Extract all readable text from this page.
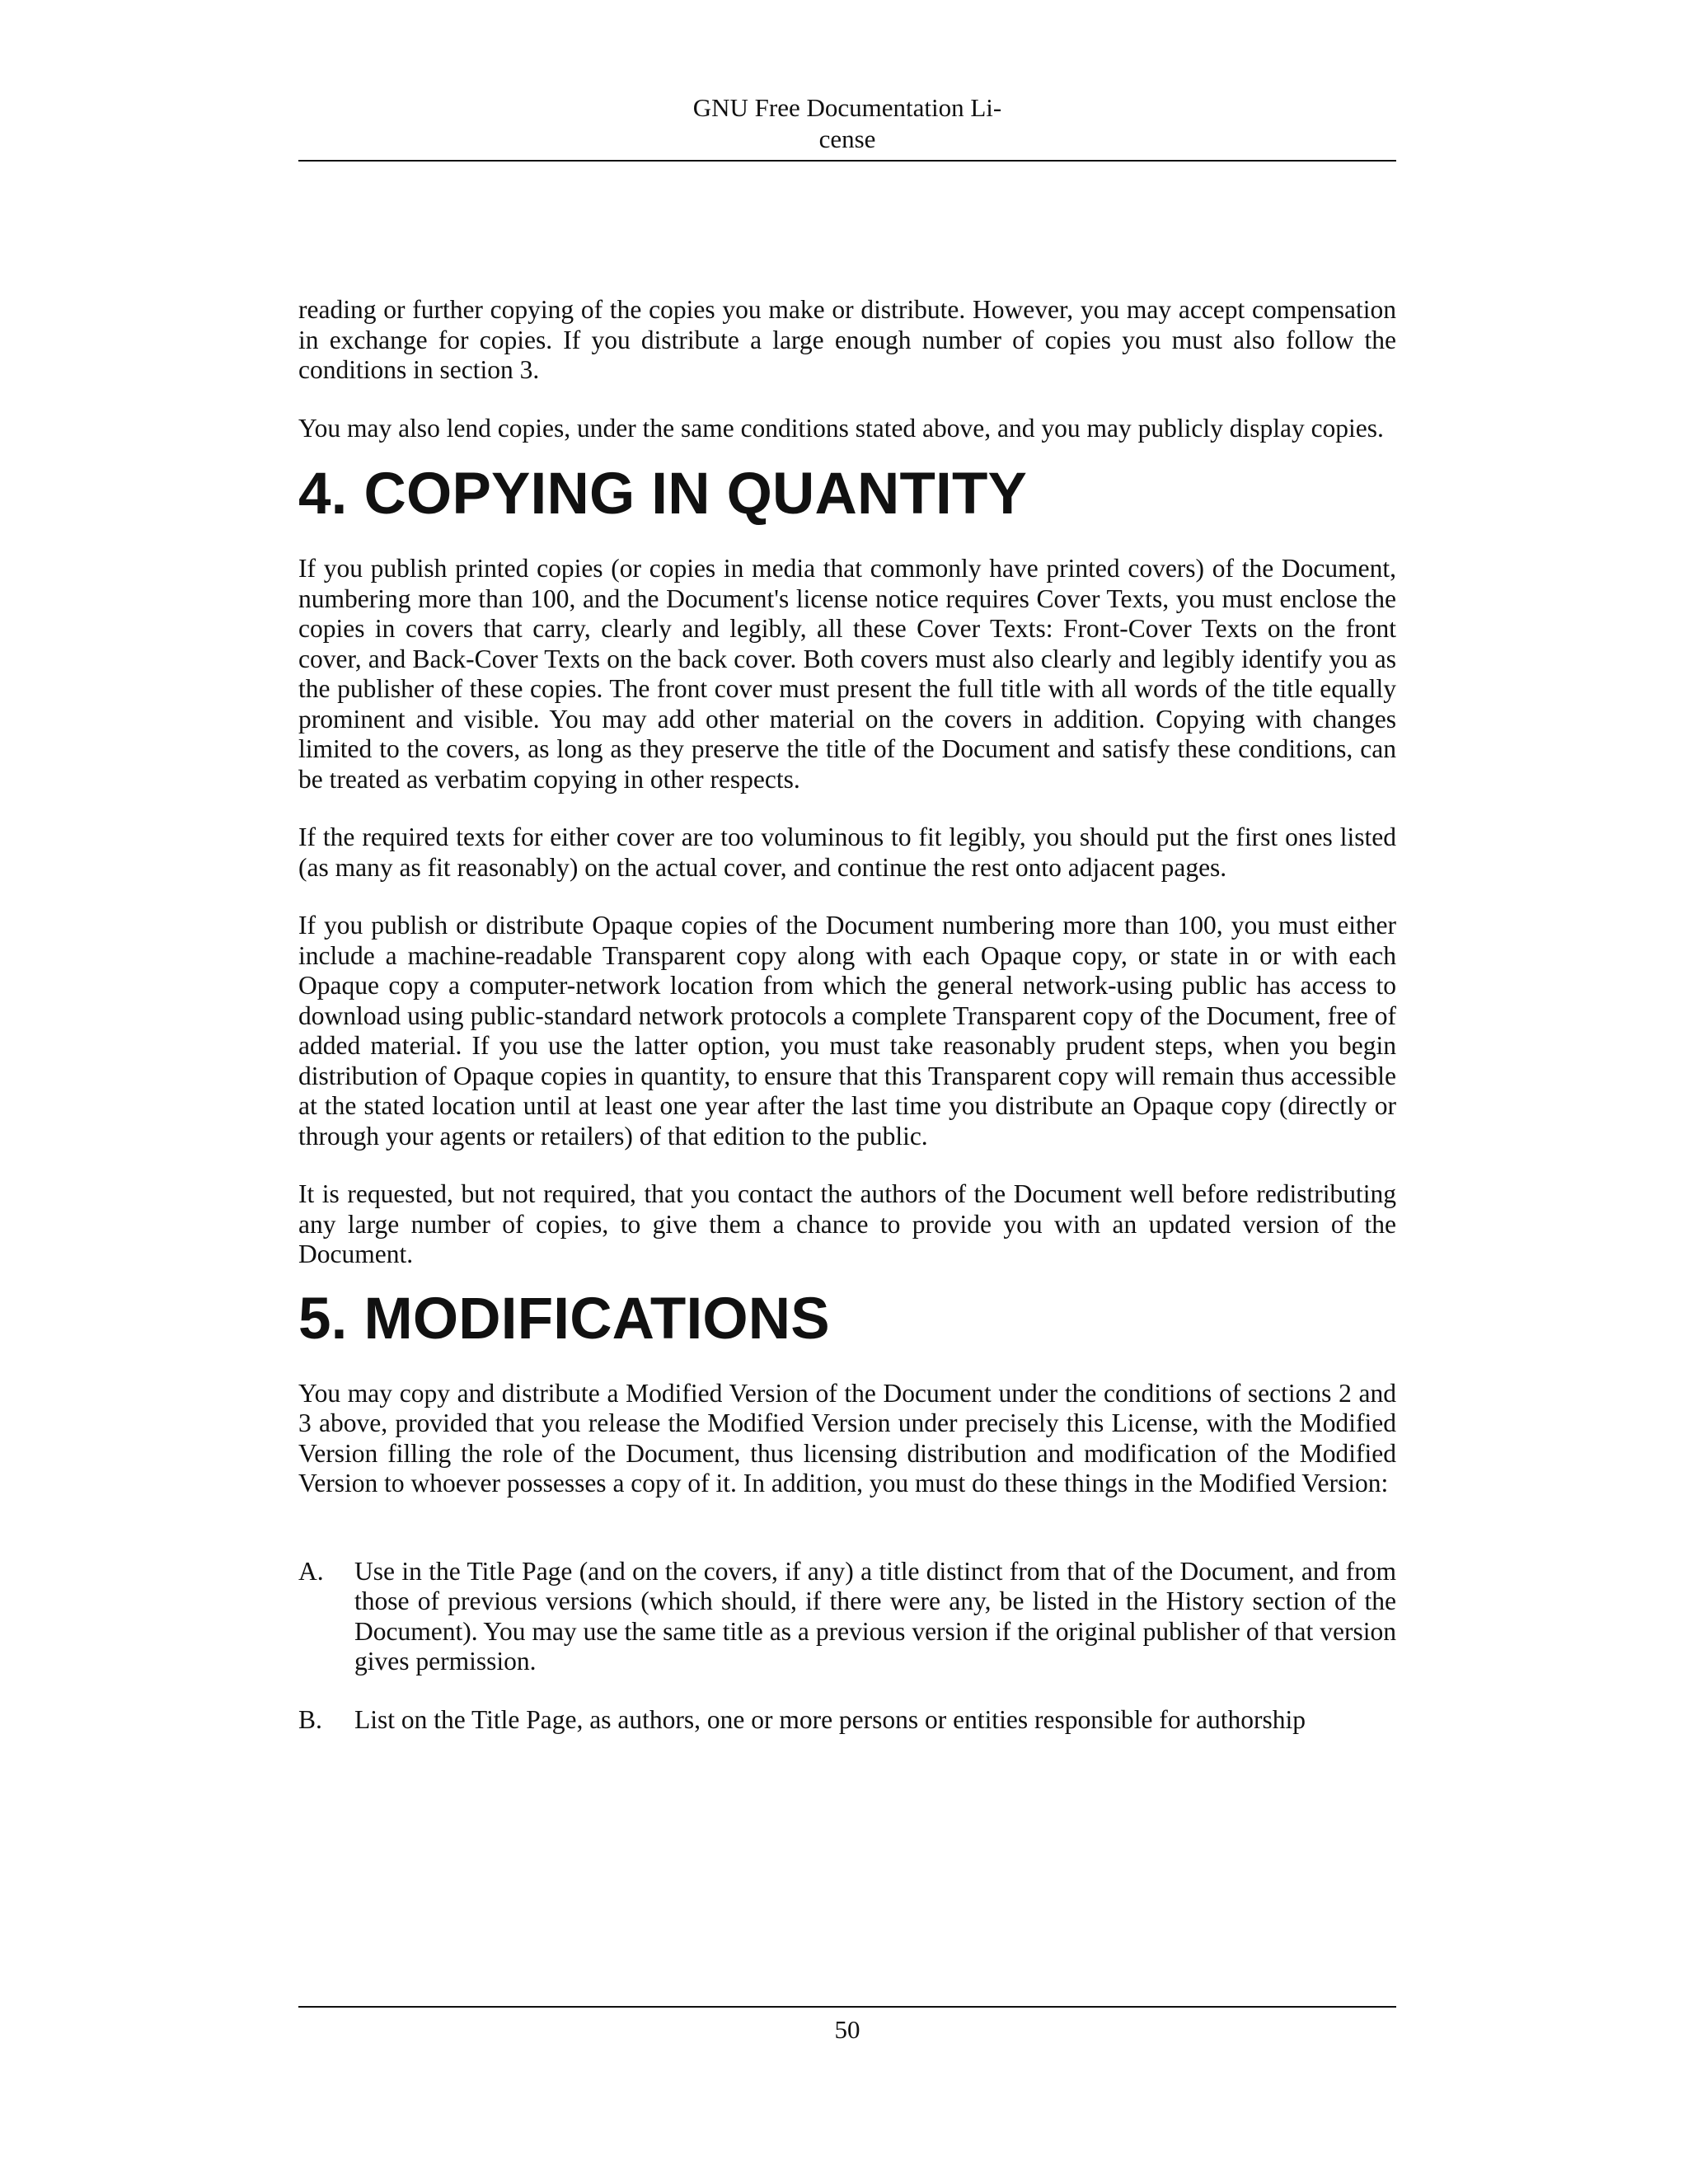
GNU Free Documentation Li-
cense

reading or further copying of the copies you make or distribute. However, you may accept compensation in exchange for copies. If you distribute a large enough number of copies you must also follow the conditions in section 3.

You may also lend copies, under the same conditions stated above, and you may publicly display copies.

4. COPYING IN QUANTITY

If you publish printed copies (or copies in media that commonly have printed covers) of the Document, numbering more than 100, and the Document's license notice requires Cover Texts, you must enclose the copies in covers that carry, clearly and legibly, all these Cover Texts: Front-Cover Texts on the front cover, and Back-Cover Texts on the back cover. Both covers must also clearly and legibly identify you as the publisher of these copies. The front cover must present the full title with all words of the title equally prominent and visible. You may add other material on the covers in addition. Copying with changes limited to the covers, as long as they preserve the title of the Document and satisfy these conditions, can be treated as verbatim copying in other respects.

If the required texts for either cover are too voluminous to fit legibly, you should put the first ones listed (as many as fit reasonably) on the actual cover, and continue the rest onto adjacent pages.

If you publish or distribute Opaque copies of the Document numbering more than 100, you must either include a machine-readable Transparent copy along with each Opaque copy, or state in or with each Opaque copy a computer-network location from which the general network-using public has access to download using public-standard network protocols a complete Transparent copy of the Document, free of added material. If you use the latter option, you must take reasonably prudent steps, when you begin distribution of Opaque copies in quantity, to ensure that this Transparent copy will remain thus accessible at the stated location until at least one year after the last time you distribute an Opaque copy (directly or through your agents or retailers) of that edition to the public.

It is requested, but not required, that you contact the authors of the Document well before redistributing any large number of copies, to give them a chance to provide you with an updated version of the Document.

5. MODIFICATIONS

You may copy and distribute a Modified Version of the Document under the conditions of sections 2 and 3 above, provided that you release the Modified Version under precisely this License, with the Modified Version filling the role of the Document, thus licensing distribution and modification of the Modified Version to whoever possesses a copy of it. In addition, you must do these things in the Modified Version:

A. Use in the Title Page (and on the covers, if any) a title distinct from that of the Document, and from those of previous versions (which should, if there were any, be listed in the History section of the Document). You may use the same title as a previous version if the original publisher of that version gives permission.
B. List on the Title Page, as authors, one or more persons or entities responsible for authorship
50
